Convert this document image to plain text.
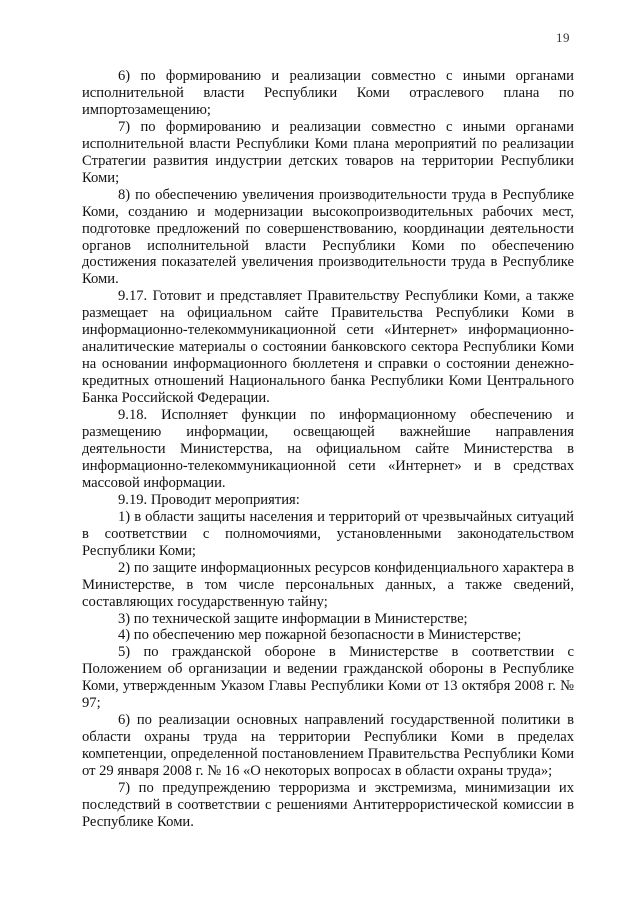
19

6) по формированию и реализации совместно с иными органами исполнительной власти Республики Коми отраслевого плана по импортозамещению;

7) по формированию и реализации совместно с иными органами исполнительной власти Республики Коми плана мероприятий по реализации Стратегии развития индустрии детских товаров на территории Республики Коми;

8) по обеспечению увеличения производительности труда в Республике Коми, созданию и модернизации высокопроизводительных рабочих мест, подготовке предложений по совершенствованию, координации деятельности органов исполнительной власти Республики Коми по обеспечению достижения показателей увеличения производительности труда в Республике Коми.

9.17. Готовит и представляет Правительству Республики Коми, а также размещает на официальном сайте Правительства Республики Коми в информационно-телекоммуникационной сети «Интернет» информационно-аналитические материалы о состоянии банковского сектора Республики Коми на основании информационного бюллетеня и справки о состоянии денежно-кредитных отношений Национального банка Республики Коми Центрального Банка Российской Федерации.

9.18. Исполняет функции по информационному обеспечению и размещению информации, освещающей важнейшие направления деятельности Министерства, на официальном сайте Министерства в информационно-телекоммуникационной сети «Интернет» и в средствах массовой информации.

9.19. Проводит мероприятия:

1) в области защиты населения и территорий от чрезвычайных ситуаций в соответствии с полномочиями, установленными законодательством Республики Коми;

2) по защите информационных ресурсов конфиденциального характера в Министерстве, в том числе персональных данных, а также сведений, составляющих государственную тайну;

3) по технической защите информации в Министерстве;

4) по обеспечению мер пожарной безопасности в Министерстве;

5) по гражданской обороне в Министерстве в соответствии с Положением об организации и ведении гражданской обороны в Республике Коми, утвержденным Указом Главы Республики Коми от 13 октября 2008 г. № 97;

6) по реализации основных направлений государственной политики в области охраны труда на территории Республики Коми в пределах компетенции, определенной постановлением Правительства Республики Коми от 29 января 2008 г. № 16 «О некоторых вопросах в области охраны труда»;

7) по предупреждению терроризма и экстремизма, минимизации их последствий в соответствии с решениями Антитеррористической комиссии в Республике Коми.
